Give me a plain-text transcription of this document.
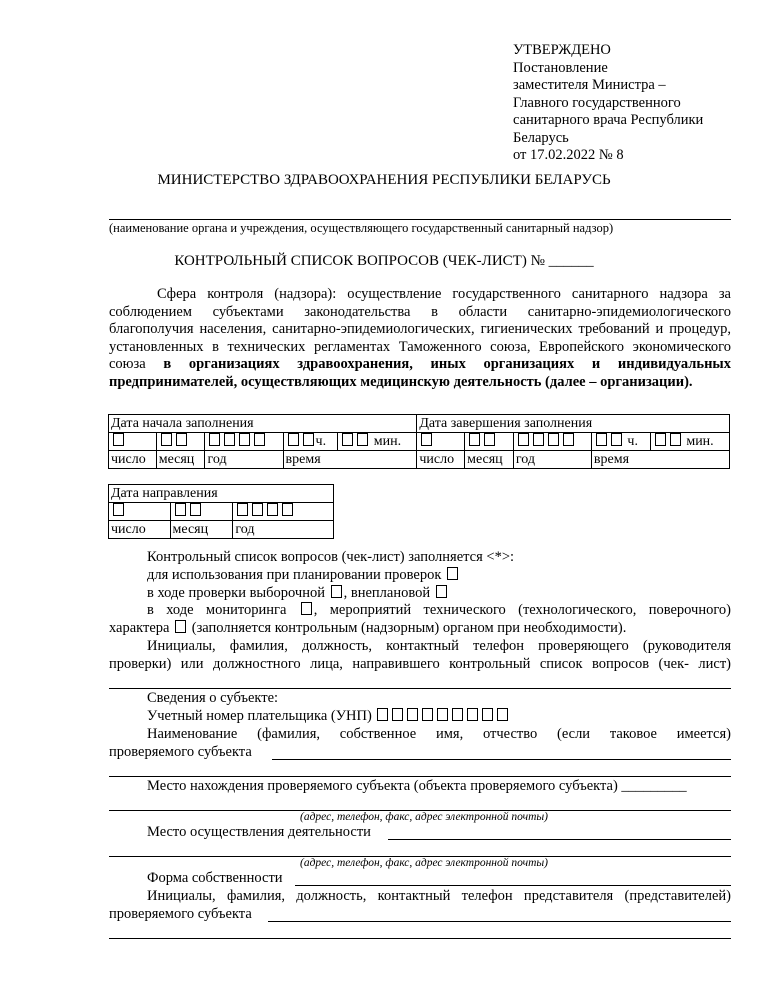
УТВЕРЖДЕНО
Постановление
заместителя Министра –
Главного государственного
санитарного врача Республики
Беларусь
от 17.02.2022 № 8
МИНИСТЕРСТВО ЗДРАВООХРАНЕНИЯ РЕСПУБЛИКИ БЕЛАРУСЬ
(наименование органа и учреждения, осуществляющего государственный санитарный надзор)
КОНТРОЛЬНЫЙ СПИСОК ВОПРОСОВ (ЧЕК-ЛИСТ) № ______
Сфера контроля (надзора): осуществление государственного санитарного надзора за соблюдением субъектами законодательства в области санитарно-эпидемиологического благополучия населения, санитарно-эпидемиологических, гигиенических требований и процедур, установленных в технических регламентах Таможенного союза, Европейского экономического союза в организациях здравоохранения, иных организациях и индивидуальных предпринимателей, осуществляющих медицинскую деятельность (далее – организации).
Дата начала заполнения					Дата завершения заполнения				
			ч.	мин.				ч.	мин.
число	месяц	год	время		число	месяц	год	время	
Дата направления		

число	месяц	год
Контрольный список вопросов (чек-лист) заполняется <*>:
для использования при планировании проверок
в ходе проверки выборочной , внеплановой
в ходе мониторинга , мероприятий технического (технологического, поверочного)
характера (заполняется контрольным (надзорным) органом при необходимости).
Инициалы, фамилия, должность, контактный телефон проверяющего (руководителя
проверки) или должностного лица, направившего контрольный список вопросов (чек- лист)
Сведения о субъекте:
Учетный номер плательщика (УНП)
Наименование (фамилия, собственное имя, отчество (если таковое имеется)
проверяемого субъекта
Место нахождения проверяемого субъекта (объекта проверяемого субъекта) _________
(адрес, телефон, факс, адрес электронной почты)
Место осуществления деятельности
(адрес, телефон, факс, адрес электронной почты)
Форма собственности
Инициалы, фамилия, должность, контактный телефон представителя (представителей)
проверяемого субъекта
